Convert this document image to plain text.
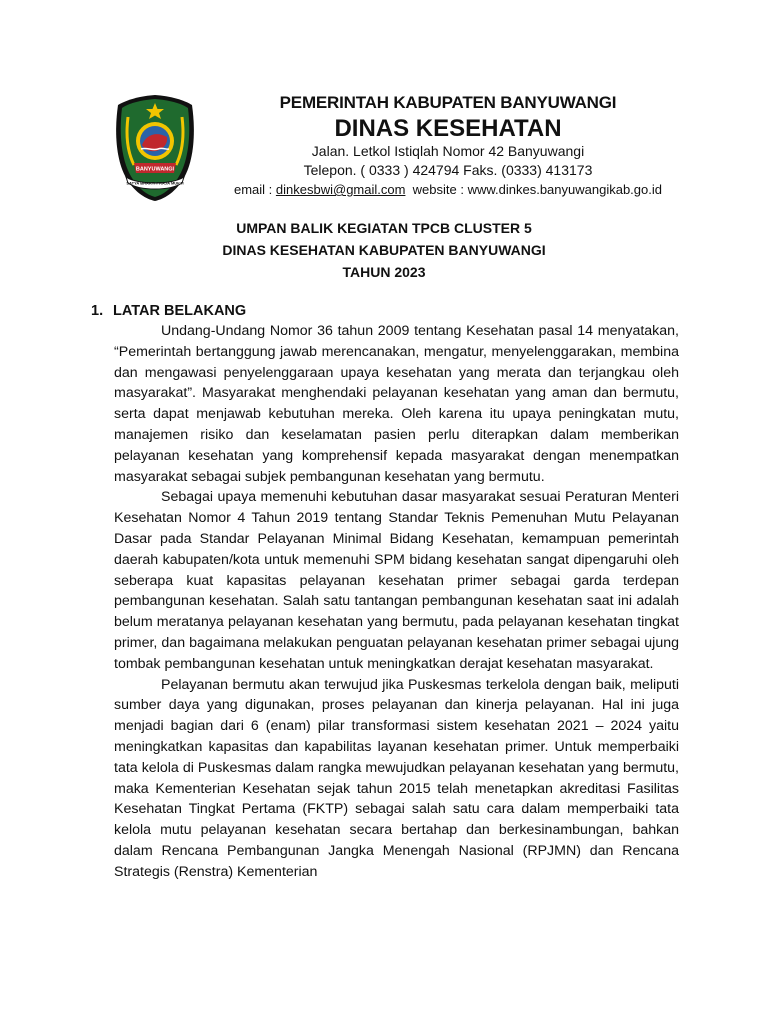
BANYUWANGI
SATYA BHAKTI PRAJA MUKTI
PEMERINTAH KABUPATEN BANYUWANGI
DINAS KESEHATAN
Jalan. Letkol Istiqlah Nomor 42 Banyuwangi
Telepon. ( 0333 ) 424794 Faks. (0333) 413173
email : dinkesbwi@gmail.com  website : www.dinkes.banyuwangikab.go.id
UMPAN BALIK KEGIATAN TPCB CLUSTER 5
DINAS KESEHATAN KABUPATEN BANYUWANGI
TAHUN 2023
1. LATAR BELAKANG

Undang-Undang Nomor 36 tahun 2009 tentang Kesehatan pasal 14 menyatakan, “Pemerintah bertanggung jawab merencanakan, mengatur, menyelenggarakan, membina dan mengawasi penyelenggaraan upaya kesehatan yang merata dan terjangkau oleh masyarakat”. Masyarakat menghendaki pelayanan kesehatan yang aman dan bermutu, serta dapat menjawab kebutuhan mereka. Oleh karena itu upaya peningkatan mutu, manajemen risiko dan keselamatan pasien perlu diterapkan dalam memberikan pelayanan kesehatan yang komprehensif kepada masyarakat dengan menempatkan masyarakat sebagai subjek pembangunan kesehatan yang bermutu.

Sebagai upaya memenuhi kebutuhan dasar masyarakat sesuai Peraturan Menteri Kesehatan Nomor 4 Tahun 2019 tentang Standar Teknis Pemenuhan Mutu Pelayanan Dasar pada Standar Pelayanan Minimal Bidang Kesehatan, kemampuan pemerintah daerah kabupaten/kota untuk memenuhi SPM bidang kesehatan sangat dipengaruhi oleh seberapa kuat kapasitas pelayanan kesehatan primer sebagai garda terdepan pembangunan kesehatan. Salah satu tantangan pembangunan kesehatan saat ini adalah belum meratanya pelayanan kesehatan yang bermutu, pada pelayanan kesehatan tingkat primer, dan bagaimana melakukan penguatan pelayanan kesehatan primer sebagai ujung tombak pembangunan kesehatan untuk meningkatkan derajat kesehatan masyarakat.

Pelayanan bermutu akan terwujud jika Puskesmas terkelola dengan baik, meliputi sumber daya yang digunakan, proses pelayanan dan kinerja pelayanan. Hal ini juga menjadi bagian dari 6 (enam) pilar transformasi sistem kesehatan 2021 – 2024 yaitu meningkatkan kapasitas dan kapabilitas layanan kesehatan primer. Untuk memperbaiki tata kelola di Puskesmas dalam rangka mewujudkan pelayanan kesehatan yang bermutu, maka Kementerian Kesehatan sejak tahun 2015 telah menetapkan akreditasi Fasilitas Kesehatan Tingkat Pertama (FKTP) sebagai salah satu cara dalam memperbaiki tata kelola mutu pelayanan kesehatan secara bertahap dan berkesinambungan, bahkan dalam Rencana Pembangunan Jangka Menengah Nasional (RPJMN) dan Rencana Strategis (Renstra) Kementerian
